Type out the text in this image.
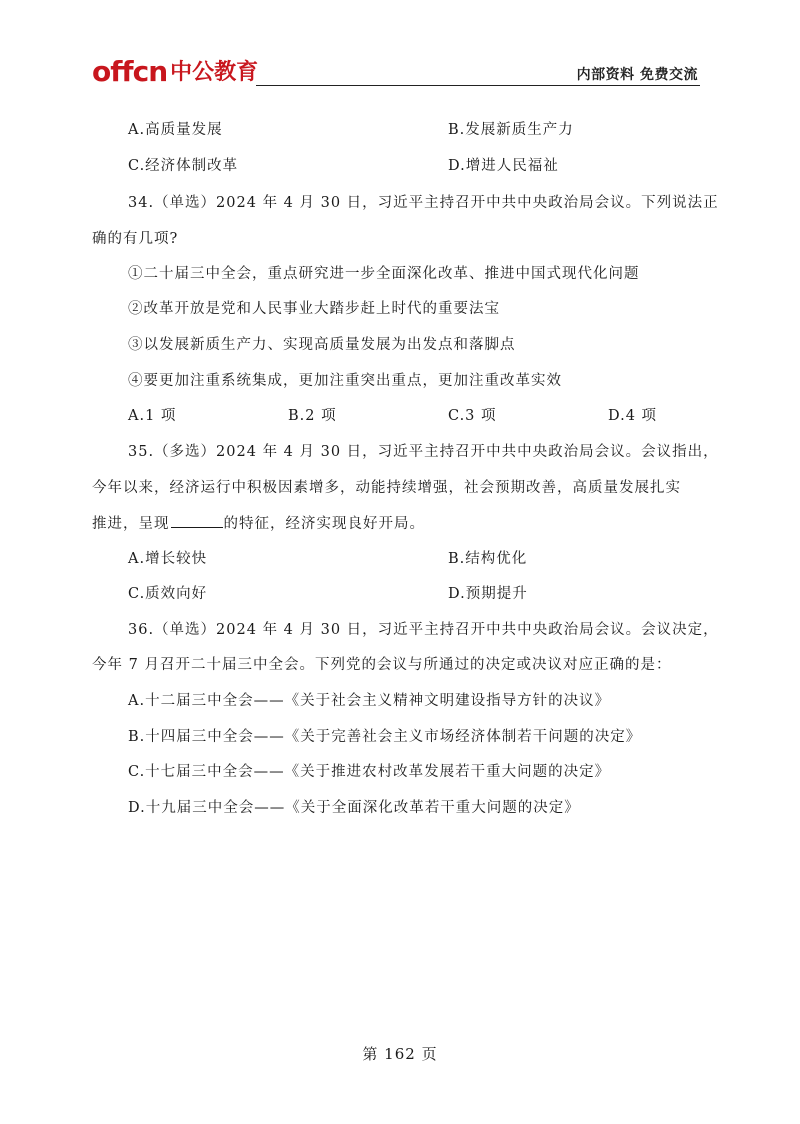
offcn 中公教育	内部资料 免费交流
A.高质量发展	B.发展新质生产力
C.经济体制改革	D.增进人民福祉
34.（单选）2024 年 4 月 30 日，习近平主持召开中共中央政治局会议。下列说法正
确的有几项?
①二十届三中全会，重点研究进一步全面深化改革、推进中国式现代化问题
②改革开放是党和人民事业大踏步赶上时代的重要法宝
③以发展新质生产力、实现高质量发展为出发点和落脚点
④要更加注重系统集成，更加注重突出重点，更加注重改革实效
A.1 项	B.2 项	C.3 项	D.4 项
35.（多选）2024 年 4 月 30 日，习近平主持召开中共中央政治局会议。会议指出，
今年以来，经济运行中积极因素增多，动能持续增强，社会预期改善，高质量发展扎实
推进，呈现	的特征，经济实现良好开局。
A.增长较快	B.结构优化
C.质效向好	D.预期提升
36.（单选）2024 年 4 月 30 日，习近平主持召开中共中央政治局会议。会议决定，
今年 7 月召开二十届三中全会。下列党的会议与所通过的决定或决议对应正确的是：
A.十二届三中全会——《关于社会主义精神文明建设指导方针的决议》
B.十四届三中全会——《关于完善社会主义市场经济体制若干问题的决定》
C.十七届三中全会——《关于推进农村改革发展若干重大问题的决定》
D.十九届三中全会——《关于全面深化改革若干重大问题的决定》
第 162 页
